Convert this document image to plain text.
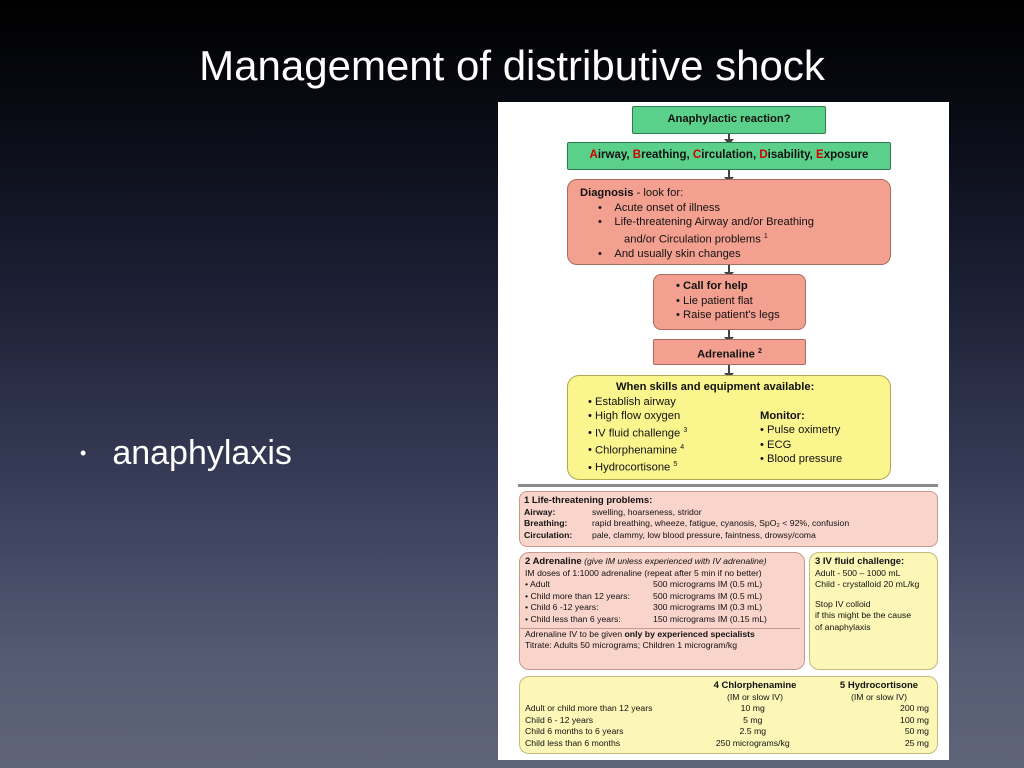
Management of distributive shock
• anaphylaxis
Anaphylactic reaction?
Airway, Breathing, Circulation, Disability, Exposure
Diagnosis - look for:
• Acute onset of illness
• Life-threatening Airway and/or Breathing
and/or Circulation problems $^1$
• And usually skin changes
• Call for help
• Lie patient flat
• Raise patient's legs
Adrenaline $^2$
When skills and equipment available:
• Establish airway
• High flow oxygen
• IV fluid challenge $^3$
• Chlorphenamine $^4$
• Hydrocortisone $^5$
Monitor:
• Pulse oximetry
• ECG
• Blood pressure
1 Life-threatening problems:
Airway:	swelling, hoarseness, stridor
Breathing:	rapid breathing, wheeze, fatigue, cyanosis, SpO₂ < 92%, confusion
Circulation:	pale, clammy, low blood pressure, faintness, drowsy/coma
2 Adrenaline (give IM unless experienced with IV adrenaline)
IM doses of 1:1000 adrenaline (repeat after 5 min if no better)
• Adult	500 micrograms IM (0.5 mL)
• Child more than 12 years:	500 micrograms IM (0.5 mL)
• Child 6 -12 years:	300 micrograms IM (0.3 mL)
• Child less than 6 years:	150 micrograms IM (0.15 mL)
Adrenaline IV to be given only by experienced specialists
Titrate: Adults 50 micrograms; Children 1 microgram/kg
3 IV fluid challenge:
Adult - 500 – 1000 mL
Child - crystalloid 20 mL/kg
Stop IV colloid
if this might be the cause
of anaphylaxis
4 Chlorphenamine
(IM or slow IV)
5 Hydrocortisone
(IM or slow IV)
Adult or child more than 12 years	10 mg	200 mg
Child 6 - 12 years	5 mg	100 mg
Child 6 months to 6 years	2.5 mg	50 mg
Child less than 6 months	250 micrograms/kg	25 mg
